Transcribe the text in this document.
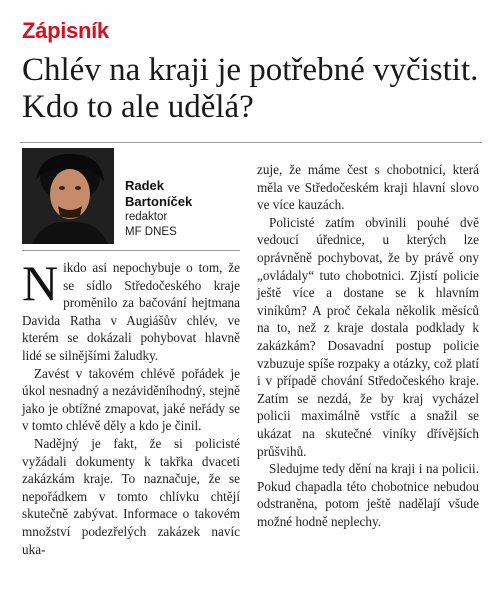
Zápisník
Chlév na kraji je potřebné vyčistit. Kdo to ale udělá?
Radek
Bartoníček
redaktor
MF DNES

Nikdo asi nepochybuje o tom, že se sídlo Středočeského kraje proměnilo za bačování hejtmana Davida Ratha v Augiášův chlév, ve kterém se dokázali pohybovat hlavně lidé se silnějšími žaludky.

Zavést v takovém chlévě pořádek je úkol nesnadný a nezáviděníhodný, stejně jako je obtížné zmapovat, jaké neřády se v tomto chlévě děly a kdo je činil.

Nadějný je fakt, že si policisté vyžádali dokumenty k takřka dvaceti zakázkám kraje. To naznačuje, že se nepořádkem v tomto chlívku chtějí skutečně zabývat. Informace o takovém množství podezřelých zakázek navíc uka-

zuje, že máme čest s chobotnicí, která měla ve Středočeském kraji hlavní slovo ve více kauzách.

Policisté zatím obvinili pouhé dvě vedoucí úřednice, u kterých lze oprávněně pochybovat, že by právě ony „ovládaly“ tuto chobotnici. Zjistí policie ještě více a dostane se k hlavním viníkům? A proč čekala několik měsíců na to, než z kraje dostala podklady k zakázkám? Dosavadní postup policie vzbuzuje spíše rozpaky a otázky, což platí i v případě chování Středočeského kraje. Zatím se nezdá, že by kraj vycházel policii maximálně vstříc a snažil se ukázat na skutečné viníky dřívějších průšvihů.

Sledujme tedy dění na kraji i na policii. Pokud chapadla této chobotnice nebudou odstraněna, potom ještě nadělají všude možné hodně neplechy.
